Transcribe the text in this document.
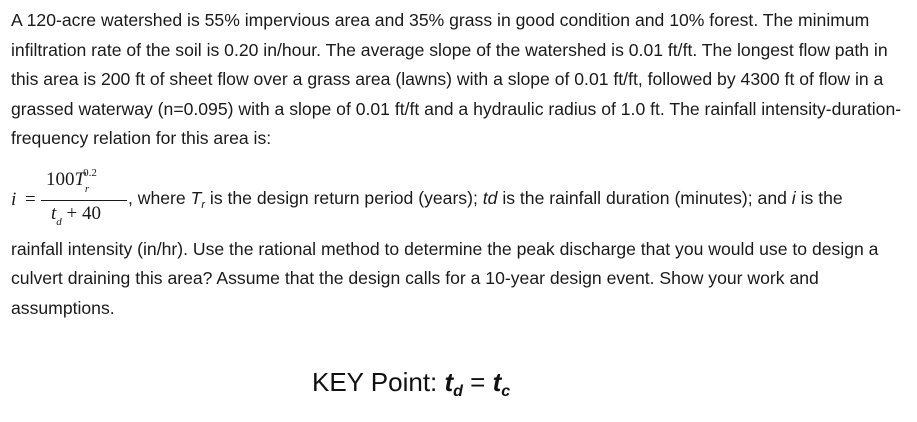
A 120-acre watershed is 55% impervious area and 35% grass in good condition and 10% forest. The minimum infiltration rate of the soil is 0.20 in/hour. The average slope of the watershed is 0.01 ft/ft. The longest flow path in this area is 200 ft of sheet flow over a grass area (lawns) with a slope of 0.01 ft/ft, followed by 4300 ft of flow in a grassed waterway (n=0.095) with a slope of 0.01 ft/ft and a hydraulic radius of 1.0 ft. The rainfall intensity-duration-frequency relation for this area is:

i =
$100T^{0.2}_r$
$t_d + 40$
, where $T_r$ is the design return period (years); td is the rainfall duration (minutes); and i is the

rainfall intensity (in/hr). Use the rational method to determine the peak discharge that you would use to design a culvert draining this area? Assume that the design calls for a 10-year design event. Show your work and assumptions.

KEY Point: td = tc
